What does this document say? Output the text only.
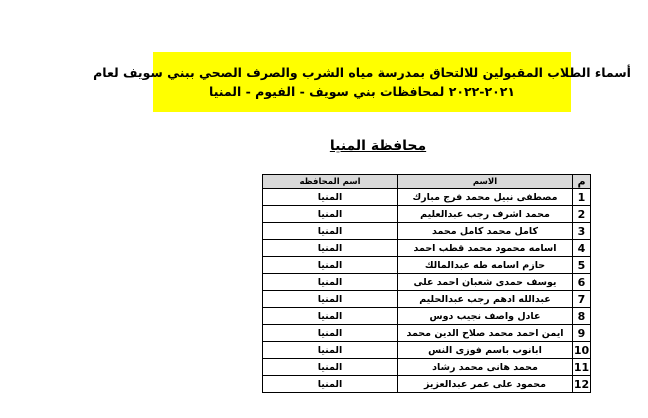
أسماء الطلاب المقبولين للالتحاق بمدرسة مياه الشرب والصرف الصحي ببني سويف لعام
٢٠٢١-٢٠٢٢ لمحافظات بني سويف - الفيوم - المنيا
محافظة المنيا
م	الاسم	اسم المحافظه
1	مصطفى نبيل محمد فرج مبارك	المنيا
2	محمد اشرف رجب عبدالعليم	المنيا
3	كامل محمد كامل محمد	المنيا
4	اسامه محمود محمد قطب احمد	المنيا
5	حازم اسامه طه عبدالمالك	المنيا
6	يوسف حمدى شعبان احمد على	المنيا
7	عبدالله ادهم رجب عبدالحليم	المنيا
8	عادل واصف نجيب دوس	المنيا
9	ايمن احمد محمد صلاح الدين محمد	المنيا
10	ابانوب باسم فوزى النس	المنيا
11	محمد هانى محمد رشاد	المنيا
12	محمود على عمر عبدالعزيز	المنيا
